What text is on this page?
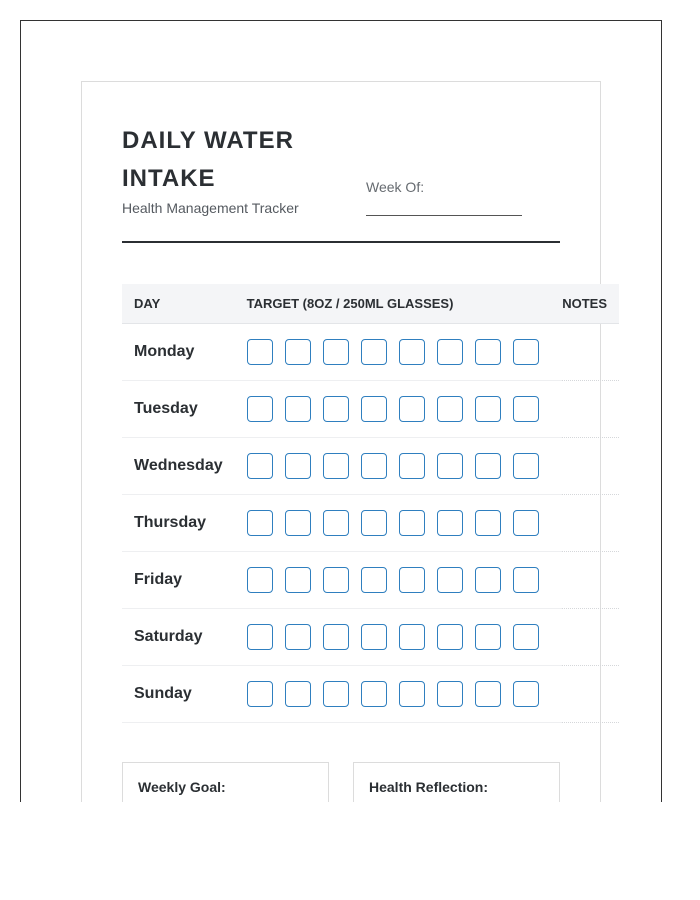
DAILY WATER INTAKE
Health Management Tracker
Week Of:
DAY	TARGET (8OZ / 250ML GLASSES)	NOTES
Monday	

Tuesday	

Wednesday	

Thursday	

Friday	

Saturday	

Sunday	

Weekly Goal:	Health Reflection:
